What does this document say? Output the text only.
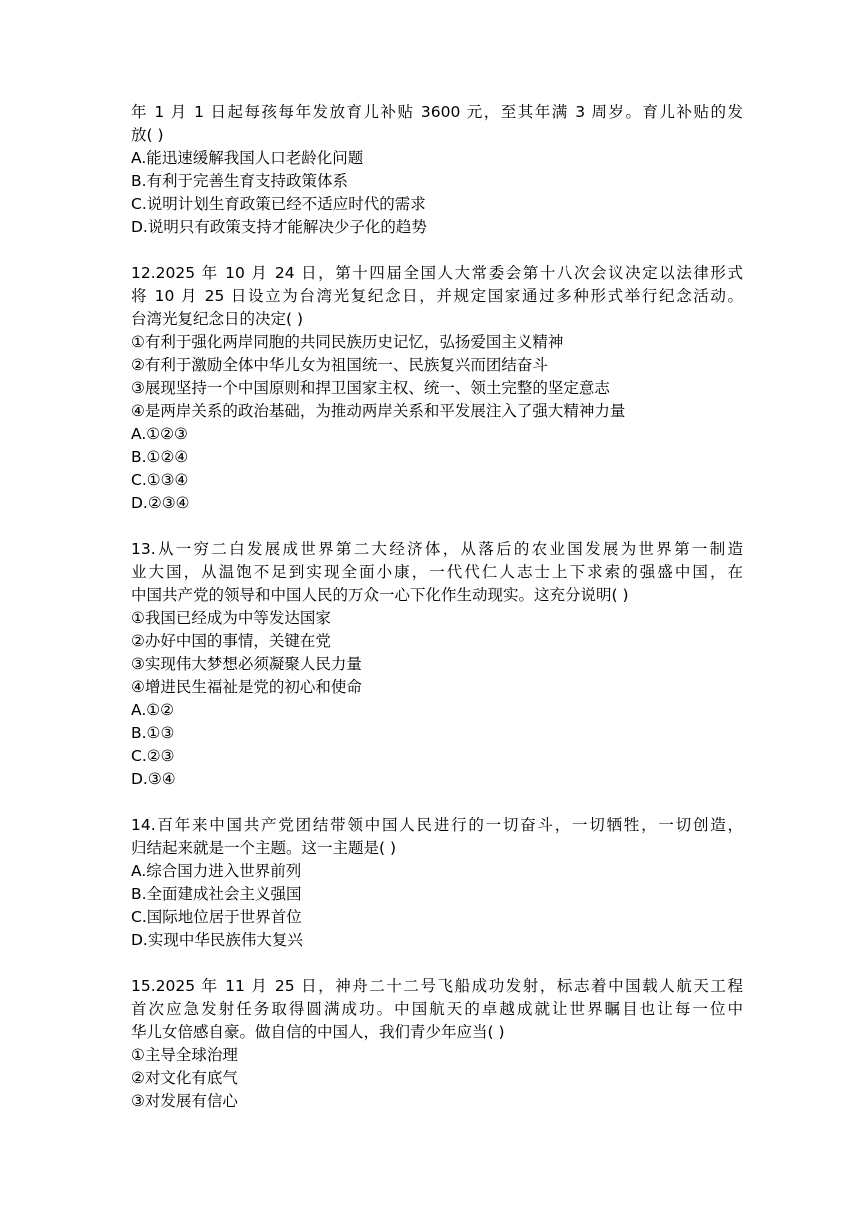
年 1 月 1 日起每孩每年发放育儿补贴 3600 元，至其年满 3 周岁。育儿补贴的发
放( )
A.能迅速缓解我国人口老龄化问题
B.有利于完善生育支持政策体系
C.说明计划生育政策已经不适应时代的需求
D.说明只有政策支持才能解决少子化的趋势
12.2025 年 10 月 24 日，第十四届全国人大常委会第十八次会议决定以法律形式
将 10 月 25 日设立为台湾光复纪念日，并规定国家通过多种形式举行纪念活动。
台湾光复纪念日的决定( )
①有利于强化两岸同胞的共同民族历史记忆，弘扬爱国主义精神
②有利于激励全体中华儿女为祖国统一、民族复兴而团结奋斗
③展现坚持一个中国原则和捍卫国家主权、统一、领土完整的坚定意志
④是两岸关系的政治基础，为推动两岸关系和平发展注入了强大精神力量
A.①②③
B.①②④
C.①③④
D.②③④
13.从一穷二白发展成世界第二大经济体，从落后的农业国发展为世界第一制造
业大国，从温饱不足到实现全面小康，一代代仁人志士上下求索的强盛中国，在
中国共产党的领导和中国人民的万众一心下化作生动现实。这充分说明( )
①我国已经成为中等发达国家
②办好中国的事情，关键在党
③实现伟大梦想必须凝聚人民力量
④增进民生福祉是党的初心和使命
A.①②
B.①③
C.②③
D.③④
14.百年来中国共产党团结带领中国人民进行的一切奋斗，一切牺牲，一切创造，
归结起来就是一个主题。这一主题是( )
A.综合国力进入世界前列
B.全面建成社会主义强国
C.国际地位居于世界首位
D.实现中华民族伟大复兴
15.2025 年 11 月 25 日，神舟二十二号飞船成功发射，标志着中国载人航天工程
首次应急发射任务取得圆满成功。中国航天的卓越成就让世界瞩目也让每一位中
华儿女倍感自豪。做自信的中国人，我们青少年应当( )
①主导全球治理
②对文化有底气
③对发展有信心
